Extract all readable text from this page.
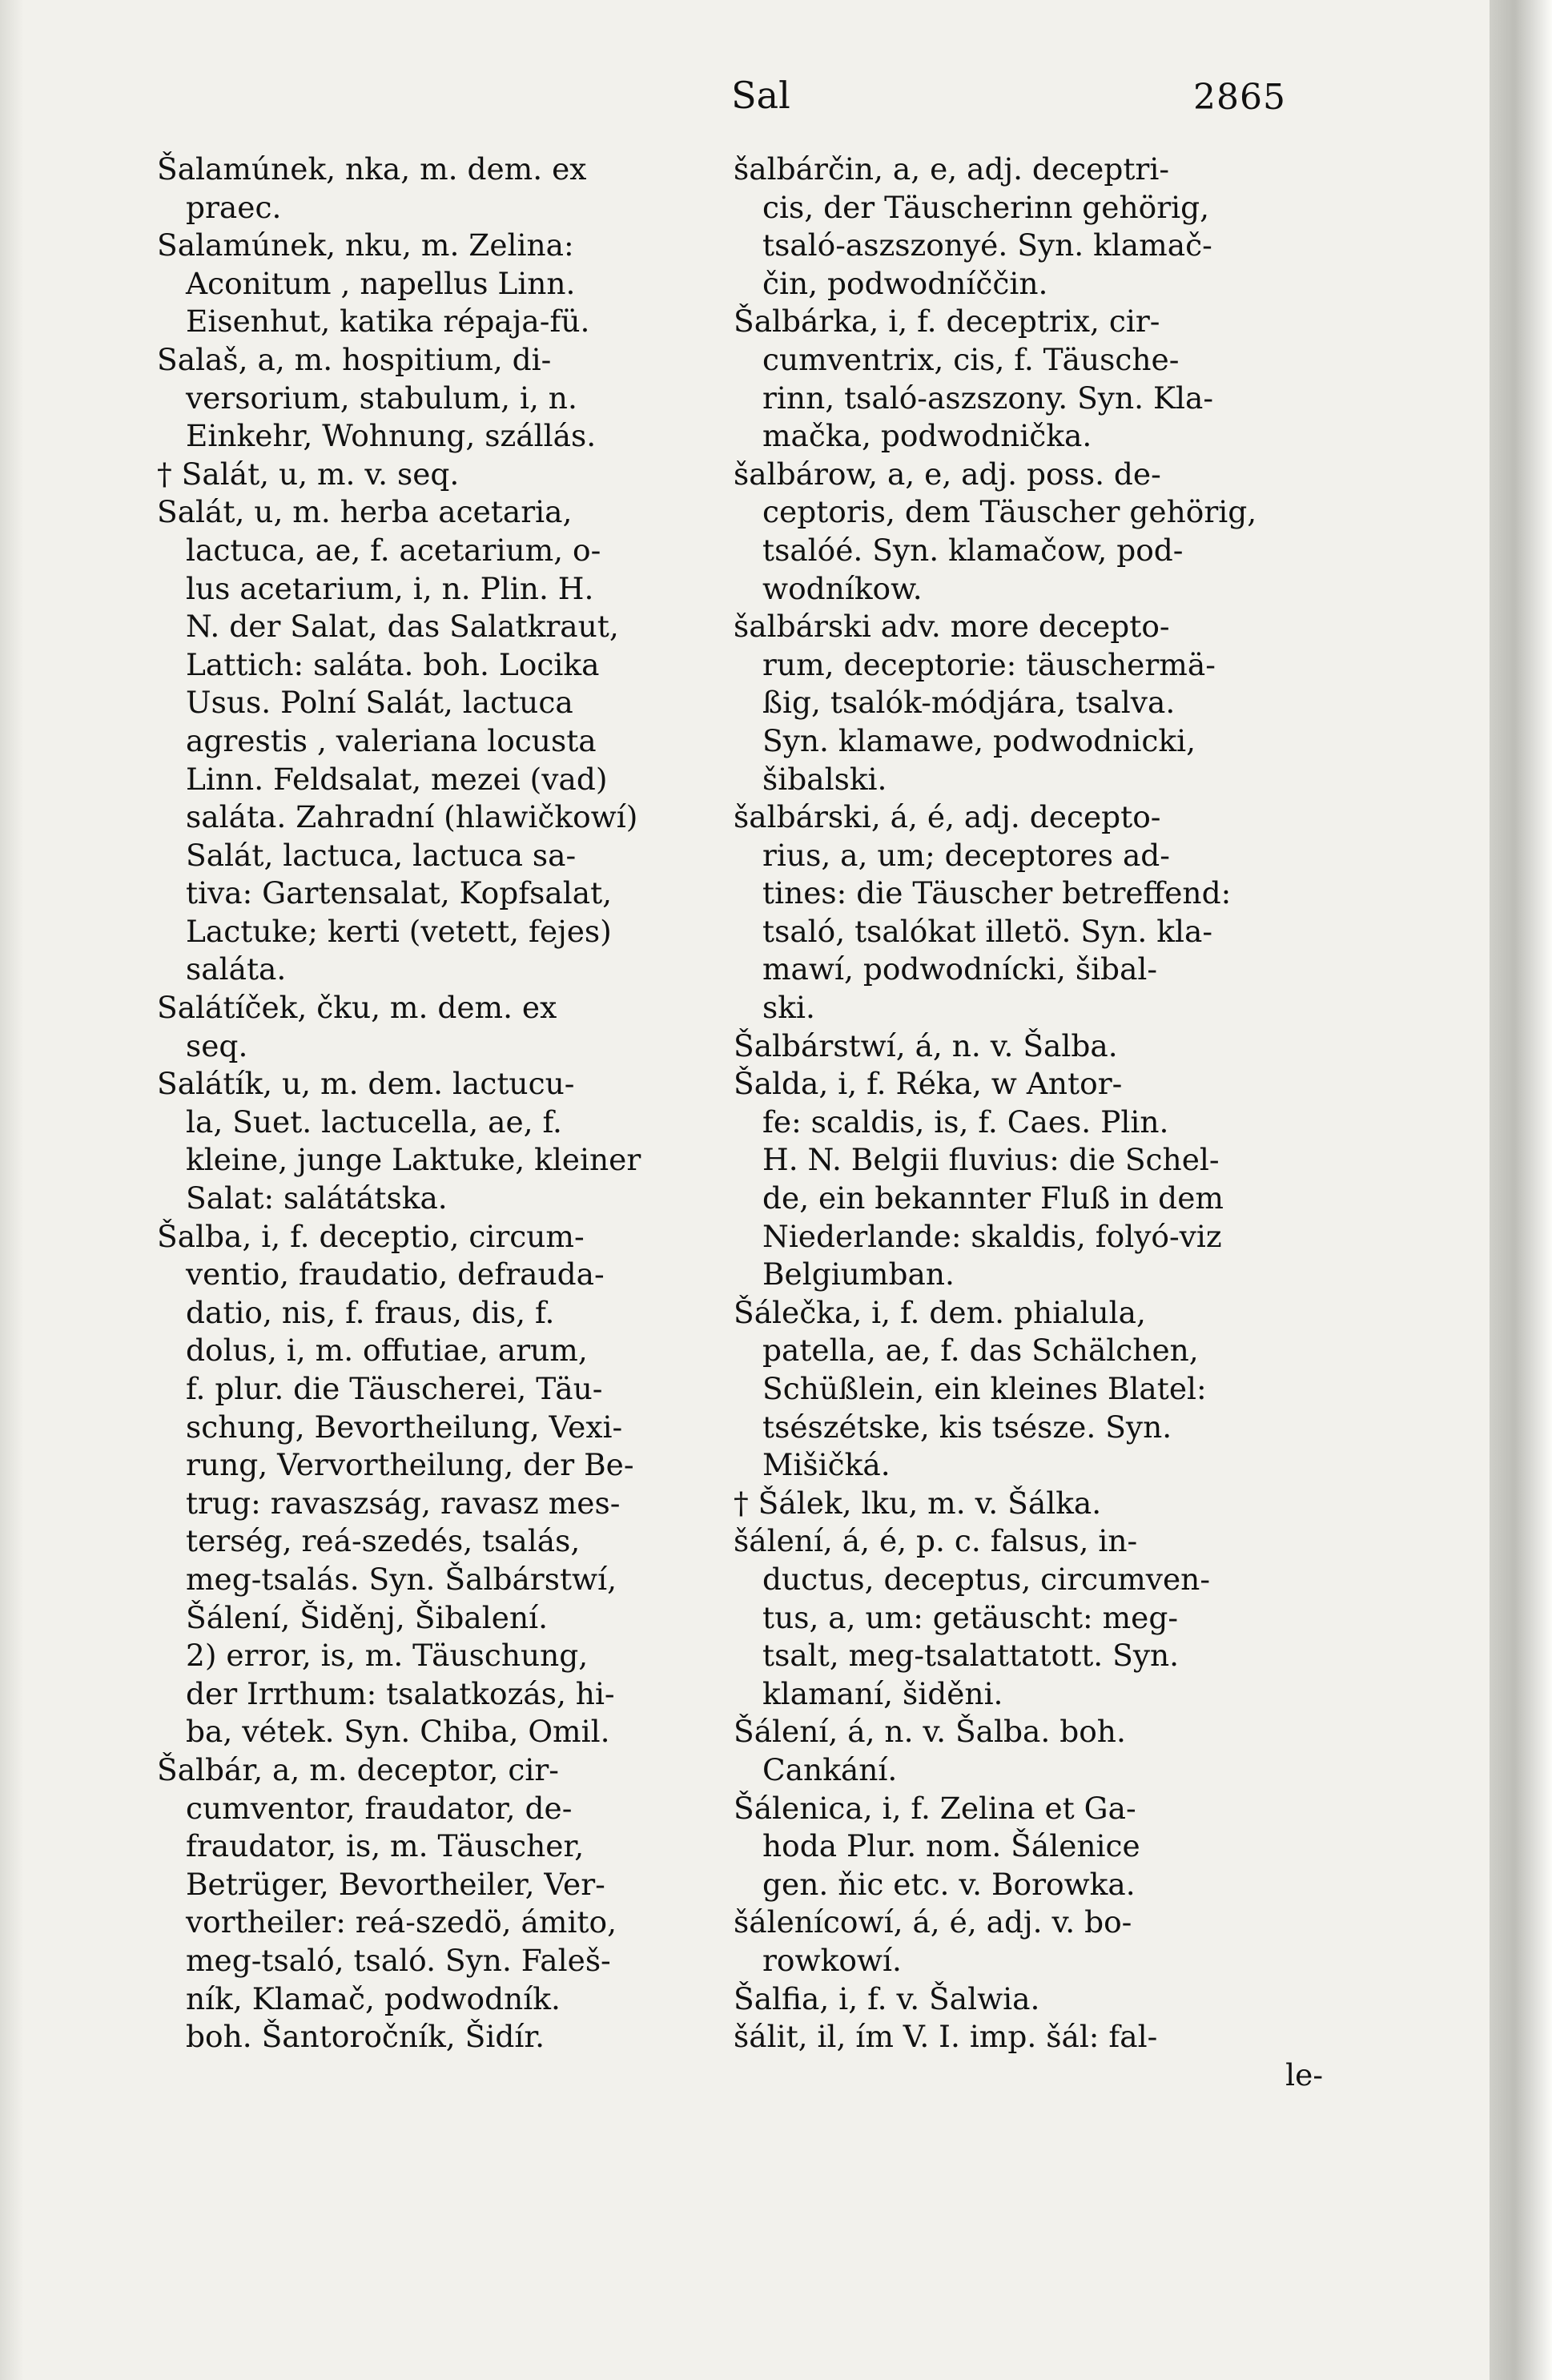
Sal	2865
Šalamúnek, nka, m. dem. ex
praec.
Salamúnek, nku, m. Zelina:
Aconitum , napellus Linn.
Eisenhut, katika répaja-fü.
Salaš, a, m. hospitium, di-
versorium, stabulum, i, n.
Einkehr, Wohnung, szállás.
† Salát, u, m. v. seq.
Salát, u, m. herba acetaria,
lactuca, ae, f. acetarium, o-
lus acetarium, i, n. Plin. H.
N. der Salat, das Salatkraut,
Lattich: saláta. boh. Locika
Usus. Polní Salát, lactuca
agrestis , valeriana locusta
Linn. Feldsalat, mezei (vad)
saláta. Zahradní (hlawičkowí)
Salát, lactuca, lactuca sa-
tiva: Gartensalat, Kopfsalat,
Lactuke; kerti (vetett, fejes)
saláta.
Salátíček, čku, m. dem. ex
seq.
Salátík, u, m. dem. lactucu-
la, Suet. lactucella, ae, f.
kleine, junge Laktuke, kleiner
Salat: salátátska.
Šalba, i, f. deceptio, circum-
ventio, fraudatio, defrauda-
datio, nis, f. fraus, dis, f.
dolus, i, m. offutiae, arum,
f. plur. die Täuscherei, Täu-
schung, Bevortheilung, Vexi-
rung, Vervortheilung, der Be-
trug: ravaszság, ravasz mes-
terség, reá-szedés, tsalás,
meg-tsalás. Syn. Šalbárstwí,
Šálení, Šiděnj, Šibalení.
2) error, is, m. Täuschung,
der Irrthum: tsalatkozás, hi-
ba, vétek. Syn. Chiba, Omil.
Šalbár, a, m. deceptor, cir-
cumventor, fraudator, de-
fraudator, is, m. Täuscher,
Betrüger, Bevortheiler, Ver-
vortheiler: reá-szedö, ámito,
meg-tsaló, tsaló. Syn. Faleš-
ník, Klamač, podwodník.
boh. Šantoročník, Šidír.
šalbárčin, a, e, adj. deceptri-
cis, der Täuscherinn gehörig,
tsaló-aszszonyé. Syn. klamač-
čin, podwodníččin.
Šalbárka, i, f. deceptrix, cir-
cumventrix, cis, f. Täusche-
rinn, tsaló-aszszony. Syn. Kla-
mačka, podwodnička.
šalbárow, a, e, adj. poss. de-
ceptoris, dem Täuscher gehörig,
tsalóé. Syn. klamačow, pod-
wodníkow.
šalbárski adv. more decepto-
rum, deceptorie: täuschermä-
ßig, tsalók-módjára, tsalva.
Syn. klamawe, podwodnicki,
šibalski.
šalbárski, á, é, adj. decepto-
rius, a, um; deceptores ad-
tines: die Täuscher betreffend:
tsaló, tsalókat illetö. Syn. kla-
mawí, podwodnícki, šibal-
ski.
Šalbárstwí, á, n. v. Šalba.
Šalda, i, f. Réka, w Antor-
fe: scaldis, is, f. Caes. Plin.
H. N. Belgii fluvius: die Schel-
de, ein bekannter Fluß in dem
Niederlande: skaldis, folyó-viz
Belgiumban.
Šálečka, i, f. dem. phialula,
patella, ae, f. das Schälchen,
Schüßlein, ein kleines Blatel:
tsészétske, kis tsésze. Syn.
Mišičká.
† Šálek, lku, m. v. Šálka.
šálení, á, é, p. c. falsus, in-
ductus, deceptus, circumven-
tus, a, um: getäuscht: meg-
tsalt, meg-tsalattatott. Syn.
klamaní, šiděni.
Šálení, á, n. v. Šalba. boh.
Cankání.
Šálenica, i, f. Zelina et Ga-
hoda Plur. nom. Šálenice
gen. ňic etc. v. Borowka.
šálenícowí, á, é, adj. v. bo-
rowkowí.
Šalfia, i, f. v. Šalwia.
šálit, il, ím V. I. imp. šál: fal-
le-
